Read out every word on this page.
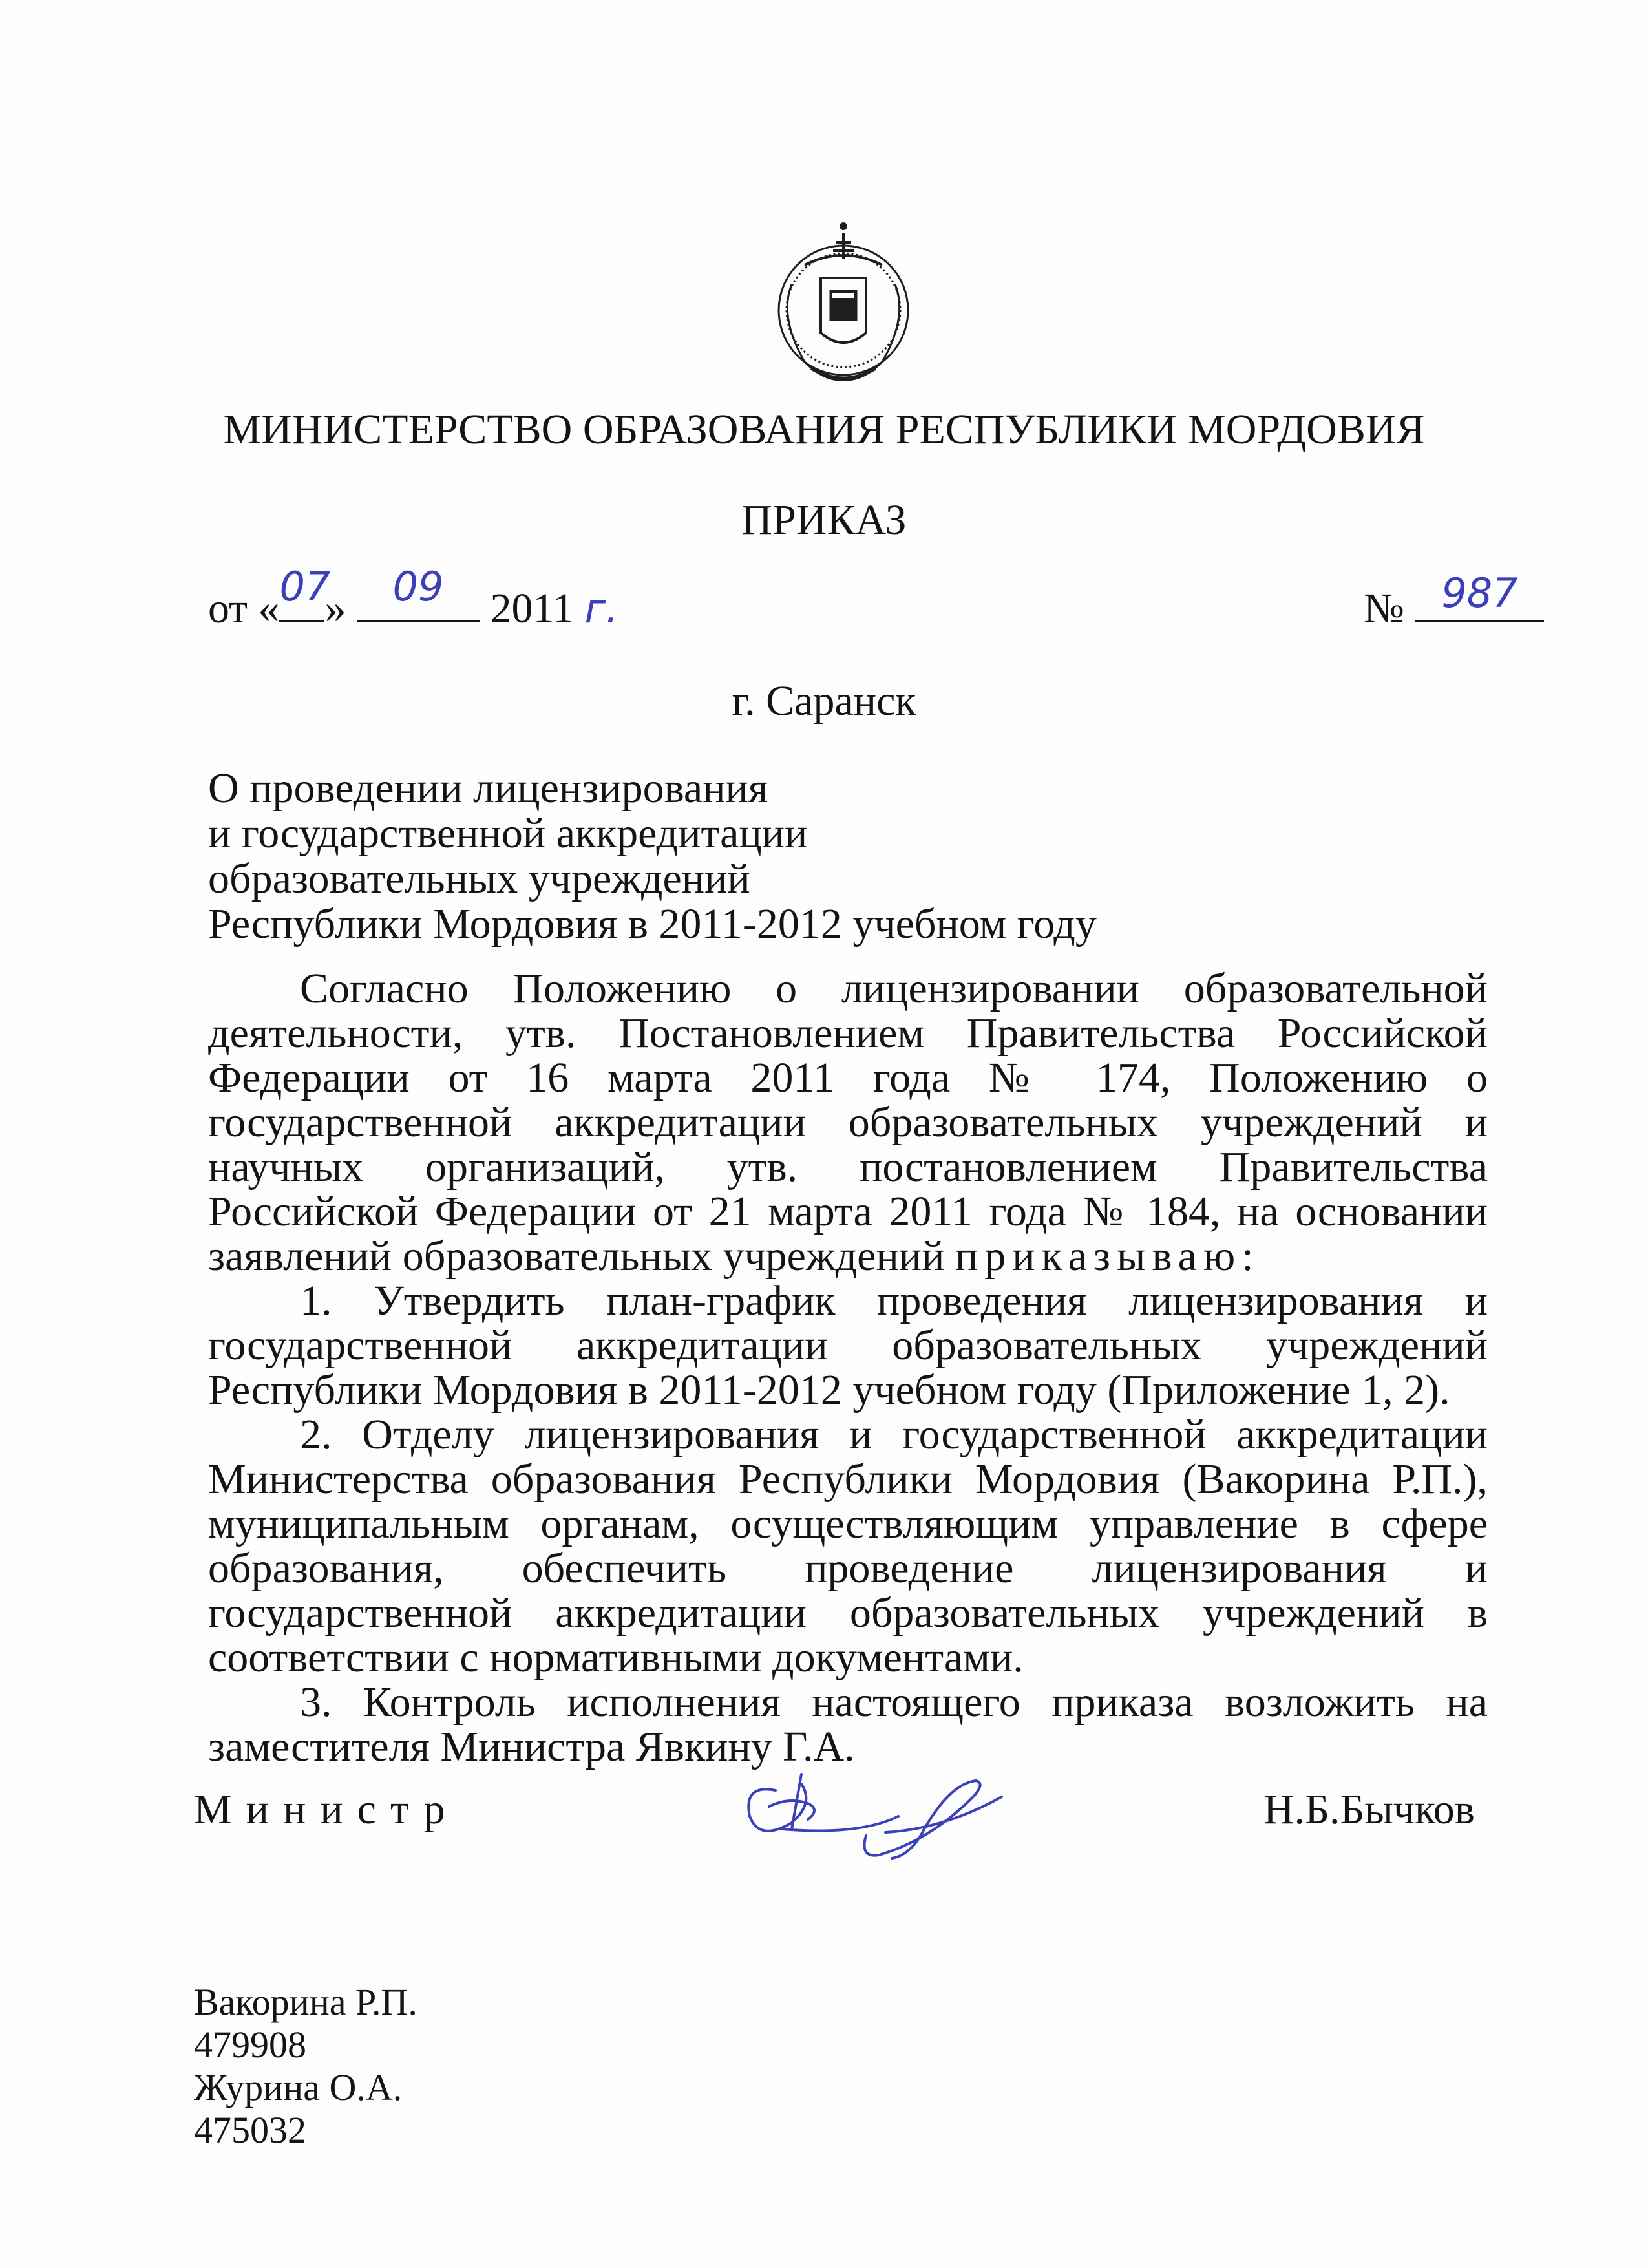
МИНИСТЕРСТВО ОБРАЗОВАНИЯ РЕСПУБЛИКИ МОРДОВИЯ
ПРИКАЗ
от « 07
»	09	2011 г.	№ 987
г. Саранск
О проведении лицензирования
и государственной аккредитации
образовательных учреждений
Республики Мордовия в 2011-2012 учебном году

Согласно Положению о лицензировании образовательной деятельности, утв. Постановлением Правительства Российской Федерации от 16 марта 2011 года № 174, Положению о государственной аккредитации образовательных учреждений и научных организаций, утв. постановлением Правительства Российской Федерации от 21 марта 2011 года № 184, на основании заявлений образовательных учреждений приказываю:

1. Утвердить план-график проведения лицензирования и государственной аккредитации образовательных учреждений Республики Мордовия в 2011-2012 учебном году (Приложение 1, 2).

2. Отделу лицензирования и государственной аккредитации Министерства образования Республики Мордовия (Вакорина Р.П.), муниципальным органам, осуществляющим управление в сфере образования, обеспечить проведение лицензирования и государственной аккредитации образовательных учреждений в соответствии с нормативными документами.

3. Контроль исполнения настоящего приказа возложить на заместителя Министра Явкину Г.А.

Министр	Н.Б.Бычков
Вакорина Р.П.
479908
Журина О.А.
475032
